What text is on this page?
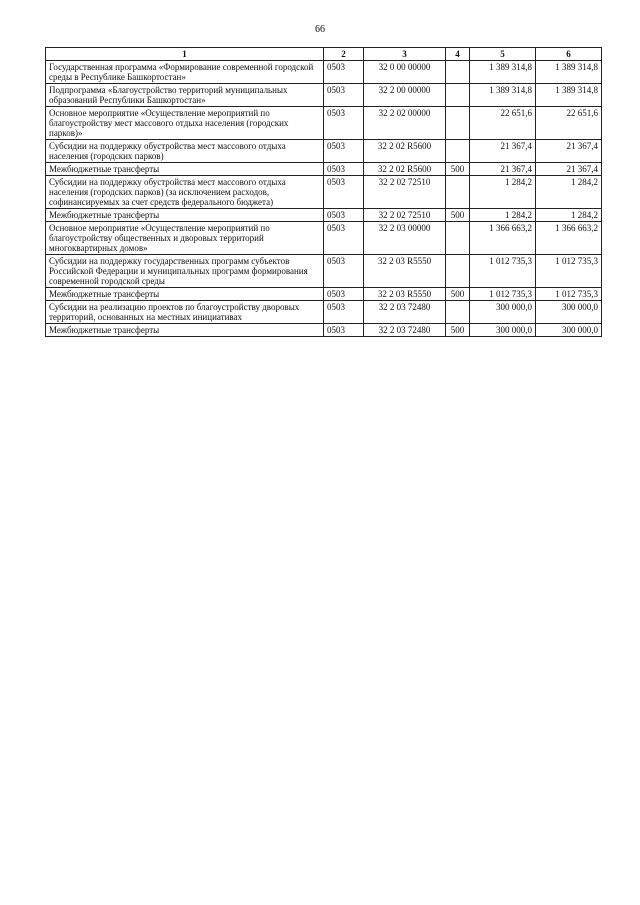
66
1	2	3	4	5	6
Государственная программа «Формирование современной городской среды в Республике Башкортостан»	0503	32 0 00 00000		1 389 314,8	1 389 314,8
Подпрограмма «Благоустройство территорий муниципальных образований Республики Башкортостан»	0503	32 2 00 00000		1 389 314,8	1 389 314,8
Основное мероприятие «Осуществление мероприятий по благоустройству мест массового отдыха населения (городских парков)»	0503	32 2 02 00000		22 651,6	22 651,6
Субсидии на поддержку обустройства мест массового отдыха населения (городских парков)	0503	32 2 02 R5600		21 367,4	21 367,4
Межбюджетные трансферты	0503	32 2 02 R5600	500	21 367,4	21 367,4
Субсидии на поддержку обустройства мест массового отдыха населения (городских парков) (за исключением расходов, софинансируемых за счет средств федерального бюджета)	0503	32 2 02 72510		1 284,2	1 284,2
Межбюджетные трансферты	0503	32 2 02 72510	500	1 284,2	1 284,2
Основное мероприятие «Осуществление мероприятий по благоустройству общественных и дворовых территорий многоквартирных домов»	0503	32 2 03 00000		1 366 663,2	1 366 663,2
Субсидии на поддержку государственных программ субъектов Российской Федерации и муниципальных программ формирования современной городской среды	0503	32 2 03 R5550		1 012 735,3	1 012 735,3
Межбюджетные трансферты	0503	32 2 03 R5550	500	1 012 735,3	1 012 735,3
Субсидии на реализацию проектов по благоустройству дворовых территорий, основанных на местных инициативах	0503	32 2 03 72480		300 000,0	300 000,0
Межбюджетные трансферты	0503	32 2 03 72480	500	300 000,0	300 000,0
